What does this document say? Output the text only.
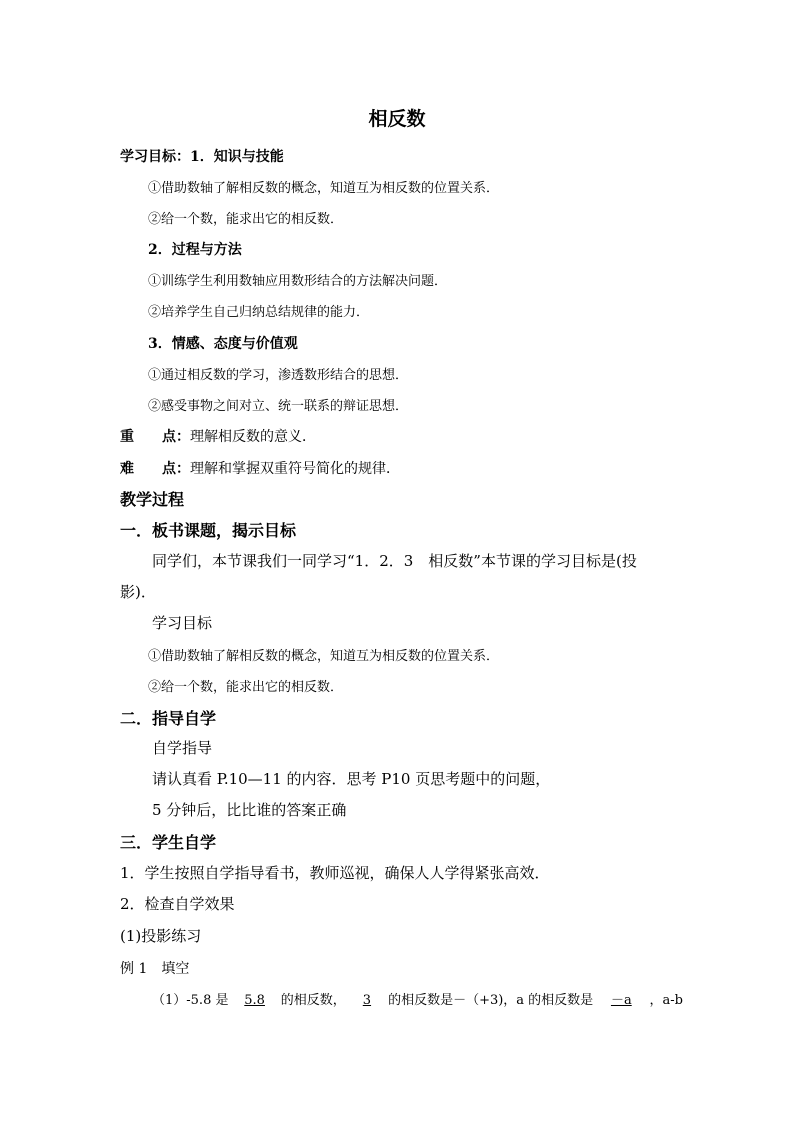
相反数
学习目标：1．知识与技能
①借助数轴了解相反数的概念，知道互为相反数的位置关系．
②给一个数，能求出它的相反数．
2．过程与方法
①训练学生利用数轴应用数形结合的方法解决问题．
②培养学生自己归纳总结规律的能力．
3．情感、态度与价值观
①通过相反数的学习，渗透数形结合的思想．
②感受事物之间对立、统一联系的辩证思想．
重　　点：理解相反数的意义．
难　　点：理解和掌握双重符号简化的规律．
教学过程
一．板书课题，揭示目标
同学们，本节课我们一同学习“1．2．3　相反数”本节课的学习目标是(投
影)．
学习目标
①借助数轴了解相反数的概念，知道互为相反数的位置关系．
②给一个数，能求出它的相反数．
二．指导自学
自学指导
请认真看 P.10—11 的内容．思考 P10 页思考题中的问题，
5 分钟后，比比谁的答案正确
三．学生自学
1．学生按照自学指导看书，教师巡视，确保人人学得紧张高效．
2．检查自学效果
(1)投影练习
例 1　填空
（1）-5.8 是 5.8 的相反数， 3 的相反数是－（+3)，a 的相反数是 －a ，a-b
